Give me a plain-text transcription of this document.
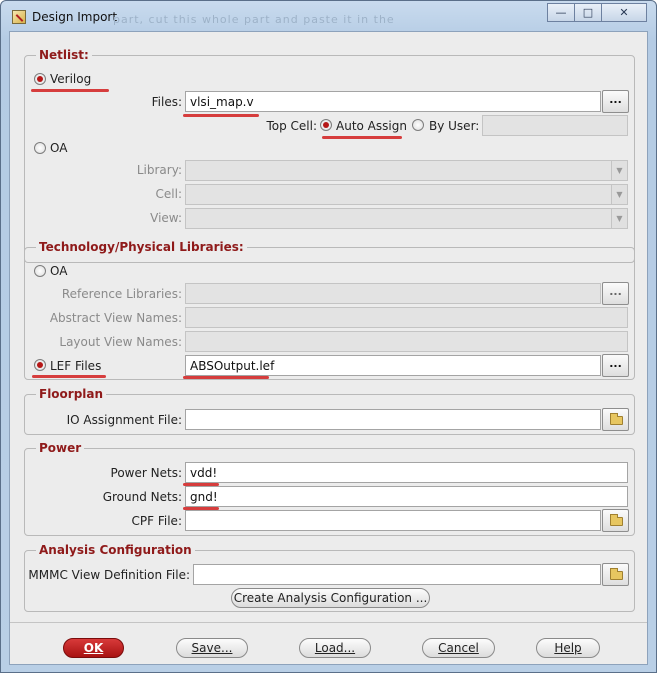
Design Import
part, cut this whole part and paste it in the
—	□	✕
Netlist:
Verilog
Files: vlsi_map.v	...
Top Cell: Auto Assign By User:
OA
Library:	▼
Cell:	▼
View:	▼
Technology/Physical Libraries:
OA
Reference Libraries:	...
Abstract View Names:
Layout View Names:
LEF Files	ABSOutput.lef	...
Floorplan
IO Assignment File:
Power
Power Nets: vdd!
Ground Nets: gnd!
CPF File:
Analysis Configuration
MMMC View Definition File:
Create Analysis Configuration ...
OK	Save...	Load...	Cancel	Help
